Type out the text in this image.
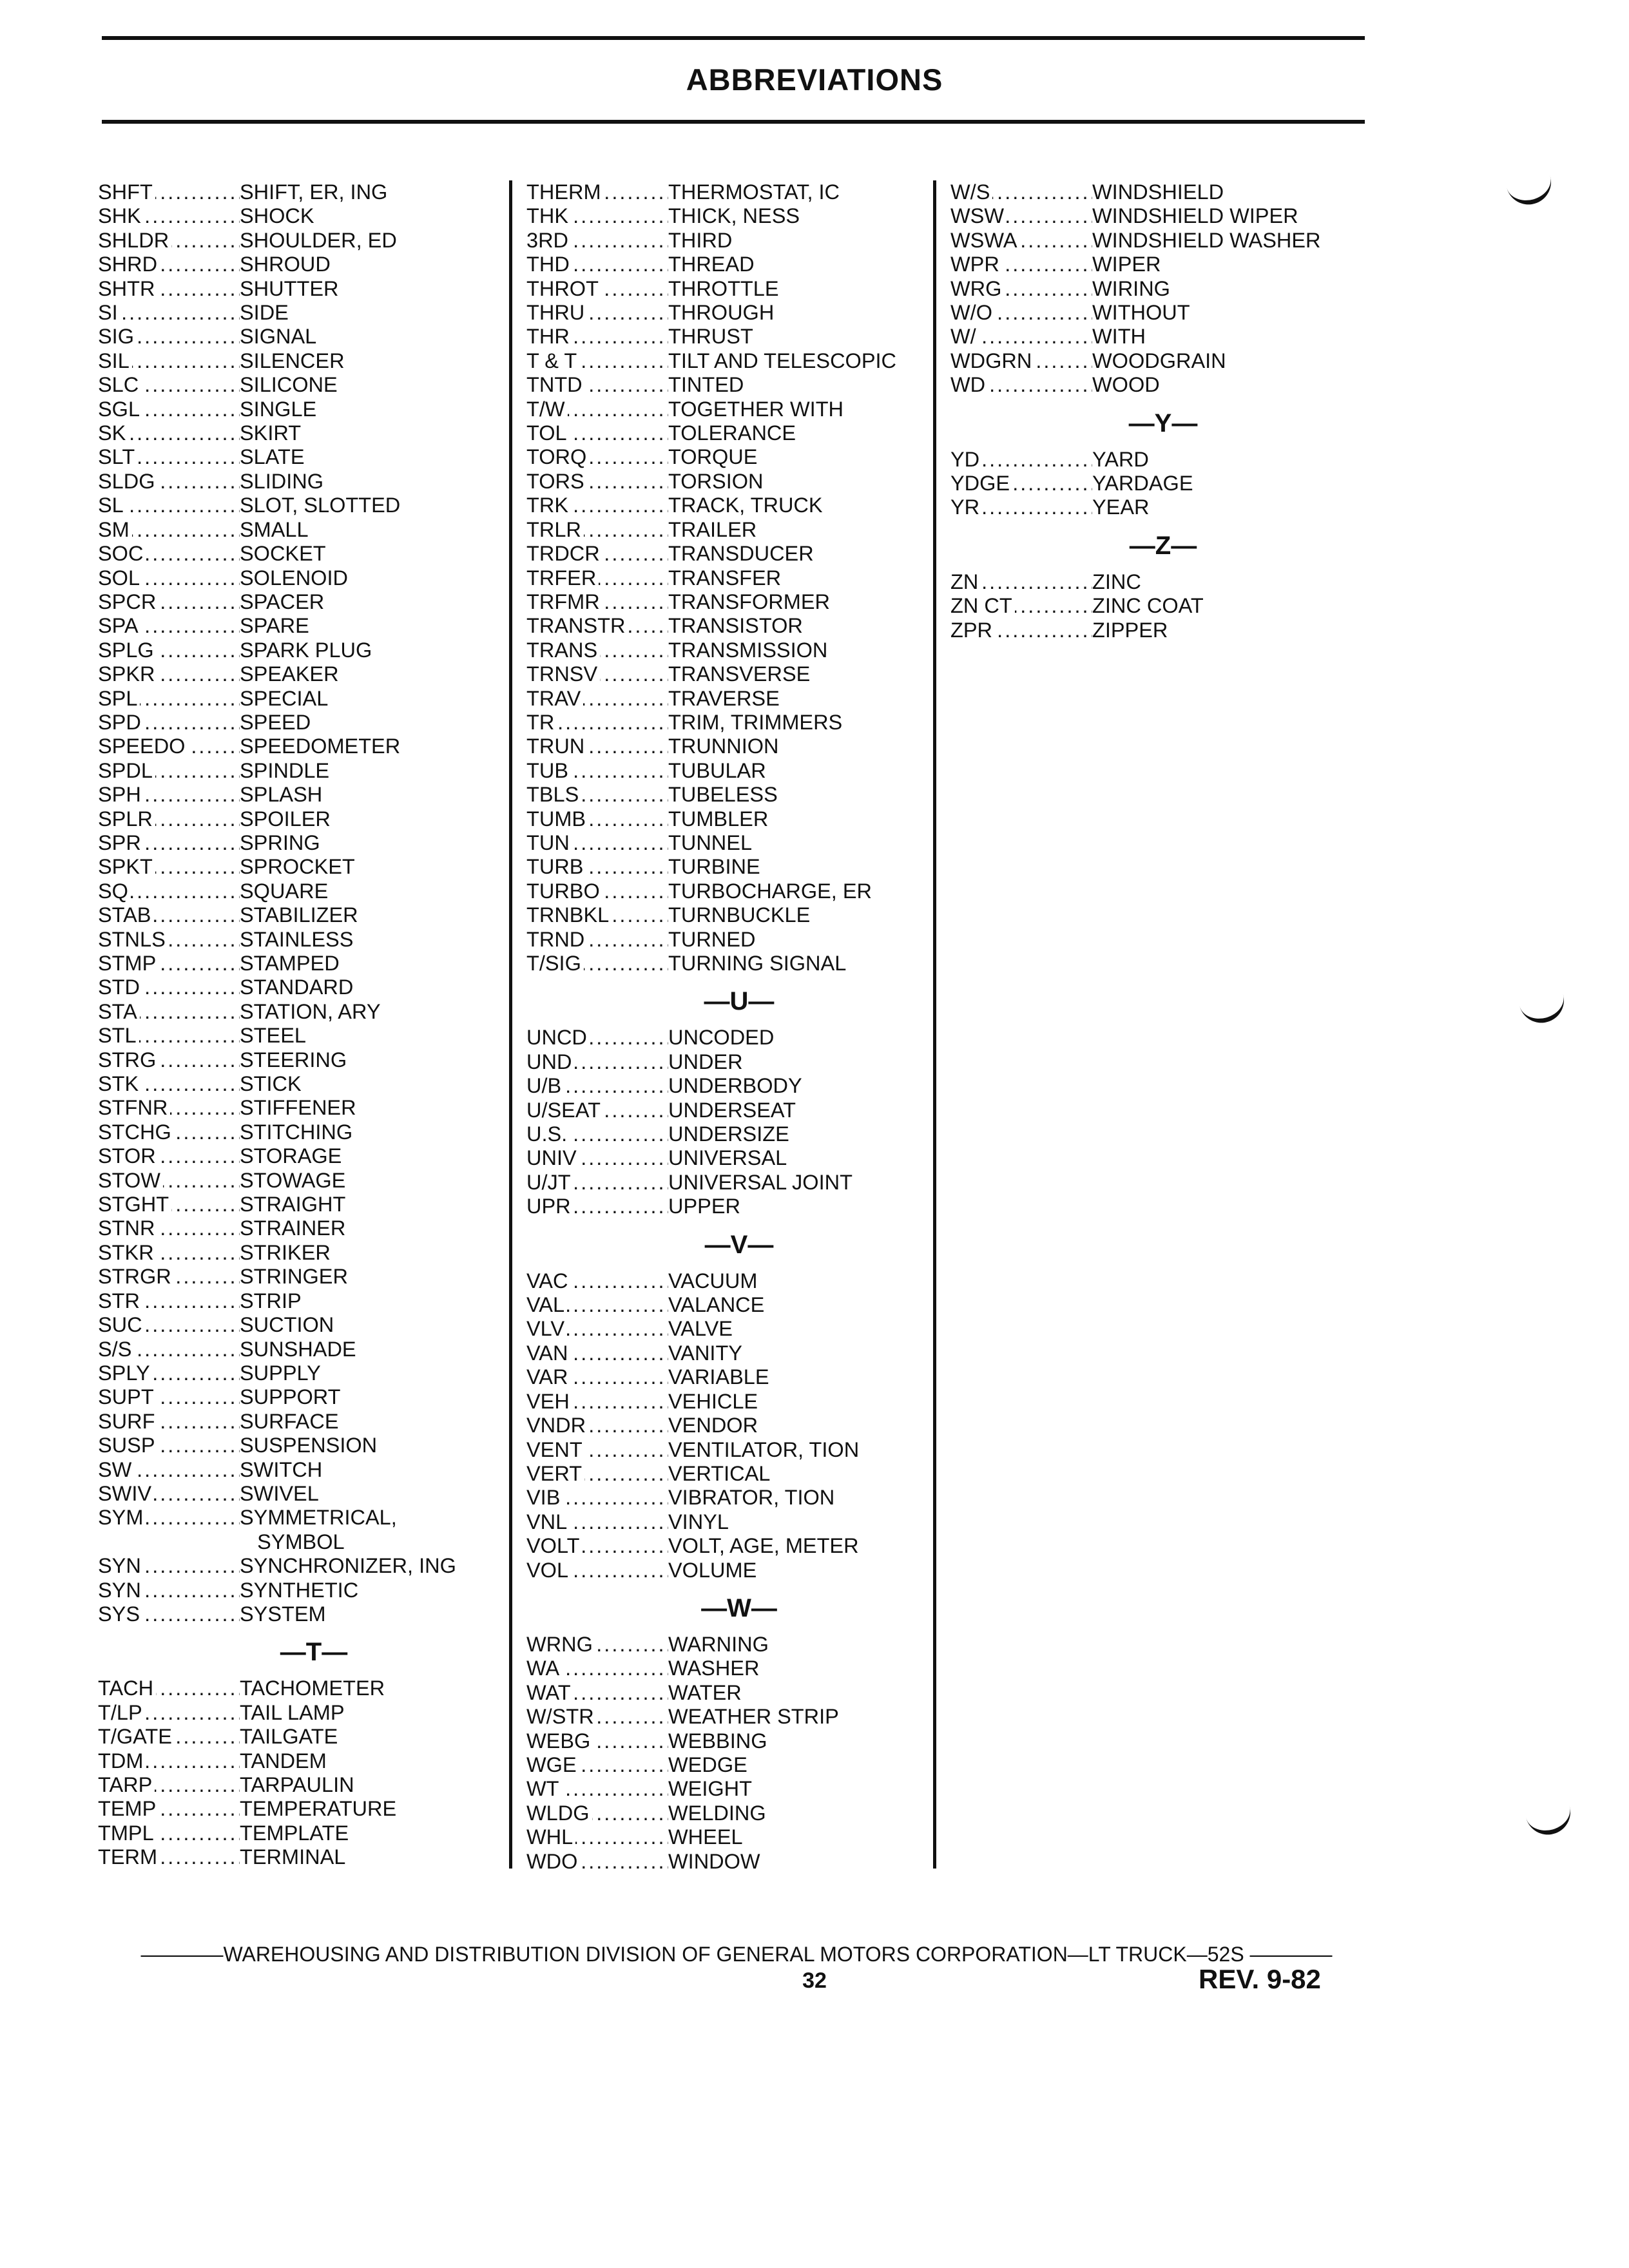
ABBREVIATIONS
SHFT .....	SHIFT, ER, ING
SHK .....	SHOCK
SHLDR .....	SHOULDER, ED
SHRD .....	SHROUD
SHTR .....	SHUTTER
SI .....	SIDE
SIG .....	SIGNAL
SIL .....	SILENCER
SLC .....	SILICONE
SGL .....	SINGLE
SK .....	SKIRT
SLT .....	SLATE
SLDG .....	SLIDING
SL .....	SLOT, SLOTTED
SM .....	SMALL
SOC .....	SOCKET
SOL .....	SOLENOID
SPCR .....	SPACER
SPA .....	SPARE
SPLG .....	SPARK PLUG
SPKR .....	SPEAKER
SPL .....	SPECIAL
SPD .....	SPEED
SPEEDO .....	SPEEDOMETER
SPDL .....	SPINDLE
SPH .....	SPLASH
SPLR .....	SPOILER
SPR .....	SPRING
SPKT .....	SPROCKET
SQ .....	SQUARE
STAB .....	STABILIZER
STNLS .....	STAINLESS
STMP .....	STAMPED
STD .....	STANDARD
STA .....	STATION, ARY
STL .....	STEEL
STRG .....	STEERING
STK .....	STICK
STFNR .....	STIFFENER
STCHG .....	STITCHING
STOR .....	STORAGE
STOW .....	STOWAGE
STGHT .....	STRAIGHT
STNR .....	STRAINER
STKR .....	STRIKER
STRGR .....	STRINGER
STR .....	STRIP
SUC .....	SUCTION
S/S .....	SUNSHADE
SPLY .....	SUPPLY
SUPT .....	SUPPORT
SURF .....	SURFACE
SUSP .....	SUSPENSION
SW .....	SWITCH
SWIV .....	SWIVEL
SYM .....	SYMMETRICAL,
SYMBOL
SYN .....	SYNCHRONIZER, ING
SYN .....	SYNTHETIC
SYS .....	SYSTEM
—T—
TACH .....	TACHOMETER
T/LP .....	TAIL LAMP
T/GATE .....	TAILGATE
TDM .....	TANDEM
TARP .....	TARPAULIN
TEMP .....	TEMPERATURE
TMPL .....	TEMPLATE
TERM .....	TERMINAL
THERM .....	THERMOSTAT, IC
THK .....	THICK, NESS
3RD .....	THIRD
THD .....	THREAD
THROT .....	THROTTLE
THRU .....	THROUGH
THR .....	THRUST
T & T .....	TILT AND TELESCOPIC
TNTD .....	TINTED
T/W .....	TOGETHER WITH
TOL .....	TOLERANCE
TORQ .....	TORQUE
TORS .....	TORSION
TRK .....	TRACK, TRUCK
TRLR .....	TRAILER
TRDCR .....	TRANSDUCER
TRFER .....	TRANSFER
TRFMR .....	TRANSFORMER
TRANSTR .....	TRANSISTOR
TRANS .....	TRANSMISSION
TRNSV .....	TRANSVERSE
TRAV .....	TRAVERSE
TR .....	TRIM, TRIMMERS
TRUN .....	TRUNNION
TUB .....	TUBULAR
TBLS .....	TUBELESS
TUMB .....	TUMBLER
TUN .....	TUNNEL
TURB .....	TURBINE
TURBO .....	TURBOCHARGE, ER
TRNBKL .....	TURNBUCKLE
TRND .....	TURNED
T/SIG .....	TURNING SIGNAL
—U—
UNCD .....	UNCODED
UND .....	UNDER
U/B .....	UNDERBODY
U/SEAT .....	UNDERSEAT
U.S. .....	UNDERSIZE
UNIV .....	UNIVERSAL
U/JT .....	UNIVERSAL JOINT
UPR .....	UPPER
—V—
VAC .....	VACUUM
VAL .....	VALANCE
VLV .....	VALVE
VAN .....	VANITY
VAR .....	VARIABLE
VEH .....	VEHICLE
VNDR .....	VENDOR
VENT .....	VENTILATOR, TION
VERT .....	VERTICAL
VIB .....	VIBRATOR, TION
VNL .....	VINYL
VOLT .....	VOLT, AGE, METER
VOL .....	VOLUME
—W—
WRNG .....	WARNING
WA .....	WASHER
WAT .....	WATER
W/STR .....	WEATHER STRIP
WEBG .....	WEBBING
WGE .....	WEDGE
WT .....	WEIGHT
WLDG .....	WELDING
WHL .....	WHEEL
WDO .....	WINDOW
W/S .....	WINDSHIELD
WSW .....	WINDSHIELD WIPER
WSWA .....	WINDSHIELD WASHER
WPR .....	WIPER
WRG .....	WIRING
W/O .....	WITHOUT
W/ .....	WITH
WDGRN .....	WOODGRAIN
WD .....	WOOD
—Y—
YD .....	YARD
YDGE .....	YARDAGE
YR .....	YEAR
—Z—
ZN .....	ZINC
ZN CT .....	ZINC COAT
ZPR .....	ZIPPER
————WAREHOUSING AND DISTRIBUTION DIVISION OF GENERAL MOTORS CORPORATION—LT TRUCK—52S ————
32	REV. 9-82
